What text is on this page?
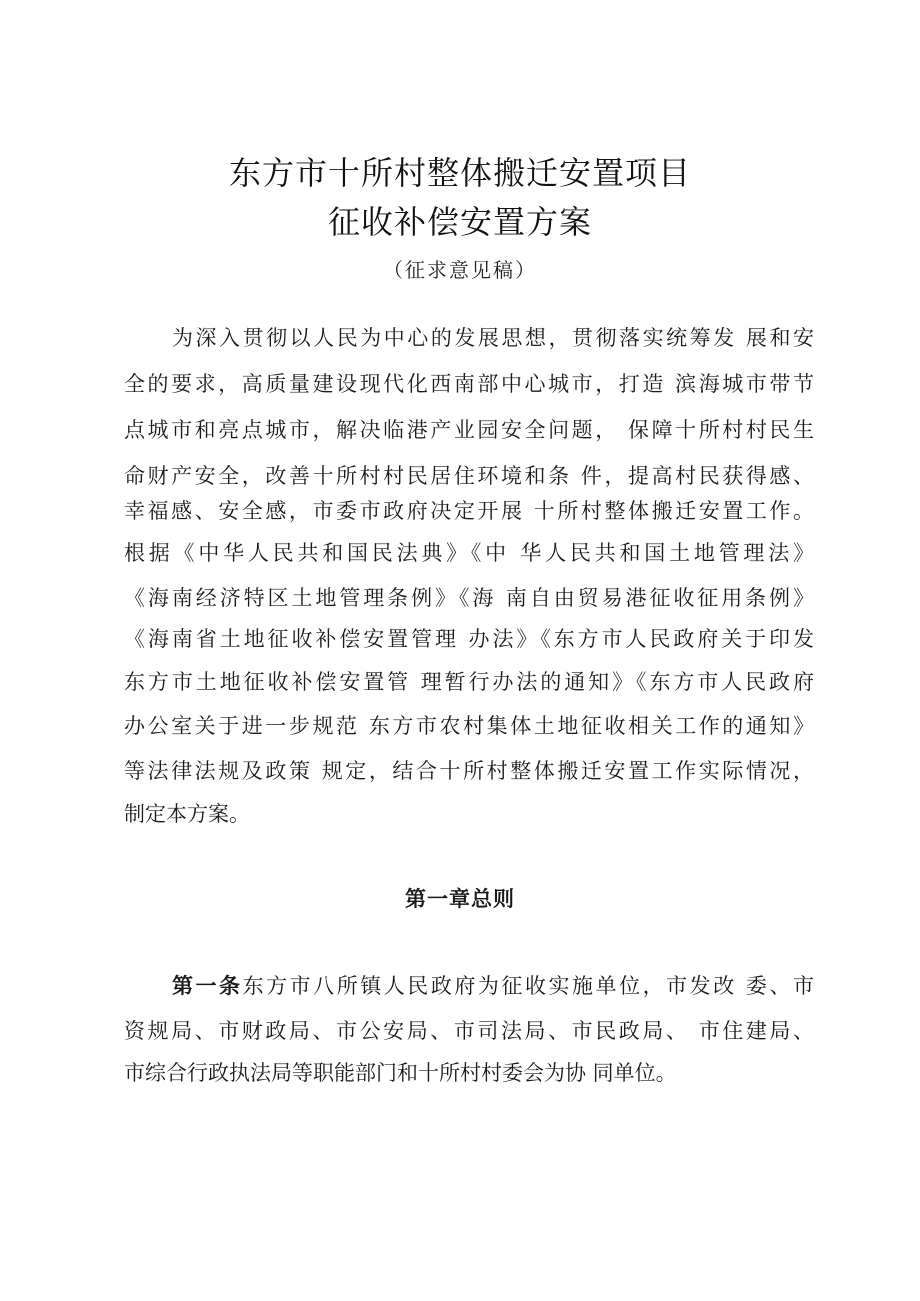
东方市十所村整体搬迁安置项目
征收补偿安置方案
（征求意见稿）
为深入贯彻以人民为中心的发展思想，贯彻落实统筹发 展和安
全的要求，高质量建设现代化西南部中心城市，打造 滨海城市带节
点城市和亮点城市，解决临港产业园安全问题， 保障十所村村民生
命财产安全，改善十所村村民居住环境和条 件，提高村民获得感、
幸福感、安全感，市委市政府决定开展 十所村整体搬迁安置工作。
根据《中华人民共和国民法典》《中 华人民共和国土地管理法》
《海南经济特区土地管理条例》《海 南自由贸易港征收征用条例》
《海南省土地征收补偿安置管理 办法》《东方市人民政府关于印发
东方市土地征收补偿安置管 理暂行办法的通知》《东方市人民政府
办公室关于进一步规范 东方市农村集体土地征收相关工作的通知》
等法律法规及政策 规定，结合十所村整体搬迁安置工作实际情况，
制定本方案。
第一章总则
第一条东方市八所镇人民政府为征收实施单位，市发改 委、市
资规局、市财政局、市公安局、市司法局、市民政局、 市住建局、
市综合行政执法局等职能部门和十所村村委会为协 同单位。
